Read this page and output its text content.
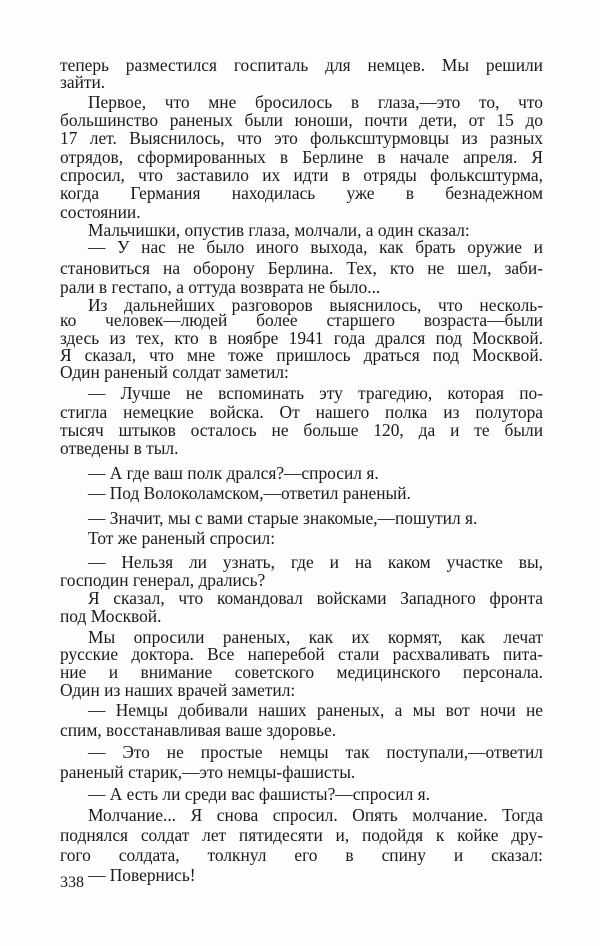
теперь разместился госпиталь для немцев. Мы решили
зайти.
Первое, что мне бросилось в глаза,—это то, что
большинство раненых были юноши, почти дети, от 15 до
17 лет. Выяснилось, что это фольксштурмовцы из разных
отрядов, сформированных в Берлине в начале апреля. Я
спросил, что заставило их идти в отряды фольксштурма,
когда Германия находилась уже в безнадежном
состоянии.
Мальчишки, опустив глаза, молчали, а один сказал:
— У нас не было иного выхода, как брать оружие и
становиться на оборону Берлина. Тех, кто не шел, заби-
рали в гестапо, а оттуда возврата не было...
Из дальнейших разговоров выяснилось, что несколь-
ко человек—людей более старшего возраста—были
здесь из тех, кто в ноябре 1941 года дрался под Москвой.
Я сказал, что мне тоже пришлось драться под Москвой.
Один раненый солдат заметил:
— Лучше не вспоминать эту трагедию, которая по-
стигла немецкие войска. От нашего полка из полутора
тысяч штыков осталось не больше 120, да и те были
отведены в тыл.
— А где ваш полк дрался?—спросил я.
— Под Волоколамском,—ответил раненый.
— Значит, мы с вами старые знакомые,—пошутил я.
Тот же раненый спросил:
— Нельзя ли узнать, где и на каком участке вы,
господин генерал, дрались?
Я сказал, что командовал войсками Западного фронта
под Москвой.
Мы опросили раненых, как их кормят, как лечат
русские доктора. Все наперебой стали расхваливать пита-
ние и внимание советского медицинского персонала.
Один из наших врачей заметил:
— Немцы добивали наших раненых, а мы вот ночи не
спим, восстанавливая ваше здоровье.
— Это не простые немцы так поступали,—ответил
раненый старик,—это немцы-фашисты.
— А есть ли среди вас фашисты?—спросил я.
Молчание... Я снова спросил. Опять молчание. Тогда
поднялся солдат лет пятидесяти и, подойдя к койке дру-
гого солдата, толкнул его в спину и сказал:
— Повернись!
338
